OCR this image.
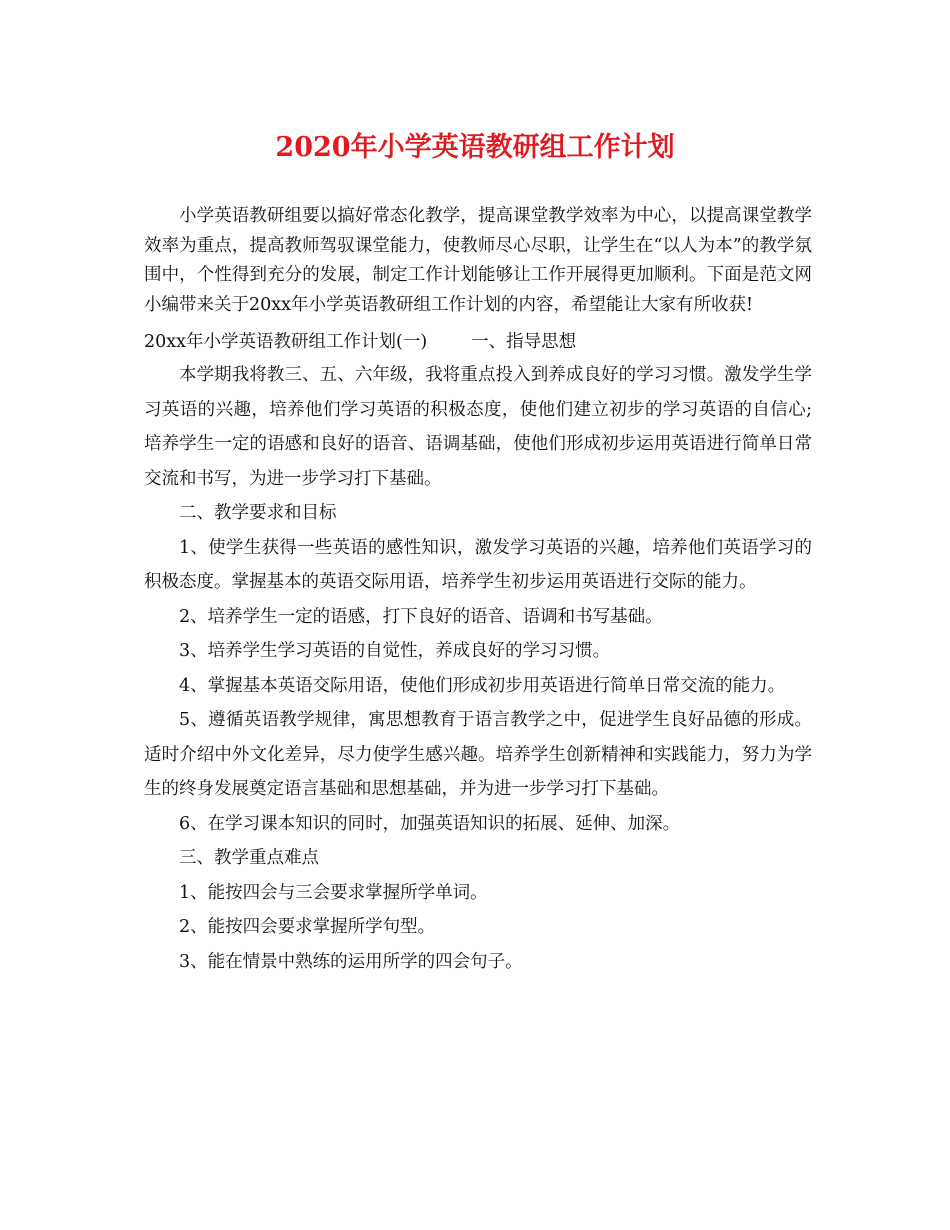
2020年小学英语教研组工作计划

小学英语教研组要以搞好常态化教学，提高课堂教学效率为中心，以提高课堂教学效率为重点，提高教师驾驭课堂能力，使教师尽心尽职，让学生在“以人为本”的教学氛围中，个性得到充分的发展，制定工作计划能够让工作开展得更加顺利。下面是范文网小编带来关于20xx年小学英语教研组工作计划的内容，希望能让大家有所收获!

20xx年小学英语教研组工作计划(一)	一、指导思想

本学期我将教三、五、六年级，我将重点投入到养成良好的学习习惯。激发学生学习英语的兴趣，培养他们学习英语的积极态度，使他们建立初步的学习英语的自信心;培养学生一定的语感和良好的语音、语调基础，使他们形成初步运用英语进行简单日常交流和书写，为进一步学习打下基础。

二、教学要求和目标

1、使学生获得一些英语的感性知识，激发学习英语的兴趣，培养他们英语学习的积极态度。掌握基本的英语交际用语，培养学生初步运用英语进行交际的能力。

2、培养学生一定的语感，打下良好的语音、语调和书写基础。

3、培养学生学习英语的自觉性，养成良好的学习习惯。

4、掌握基本英语交际用语，使他们形成初步用英语进行简单日常交流的能力。

5、遵循英语教学规律，寓思想教育于语言教学之中，促进学生良好品德的形成。适时介绍中外文化差异，尽力使学生感兴趣。培养学生创新精神和实践能力，努力为学生的终身发展奠定语言基础和思想基础，并为进一步学习打下基础。

6、在学习课本知识的同时，加强英语知识的拓展、延伸、加深。

三、教学重点难点

1、能按四会与三会要求掌握所学单词。

2、能按四会要求掌握所学句型。

3、能在情景中熟练的运用所学的四会句子。
